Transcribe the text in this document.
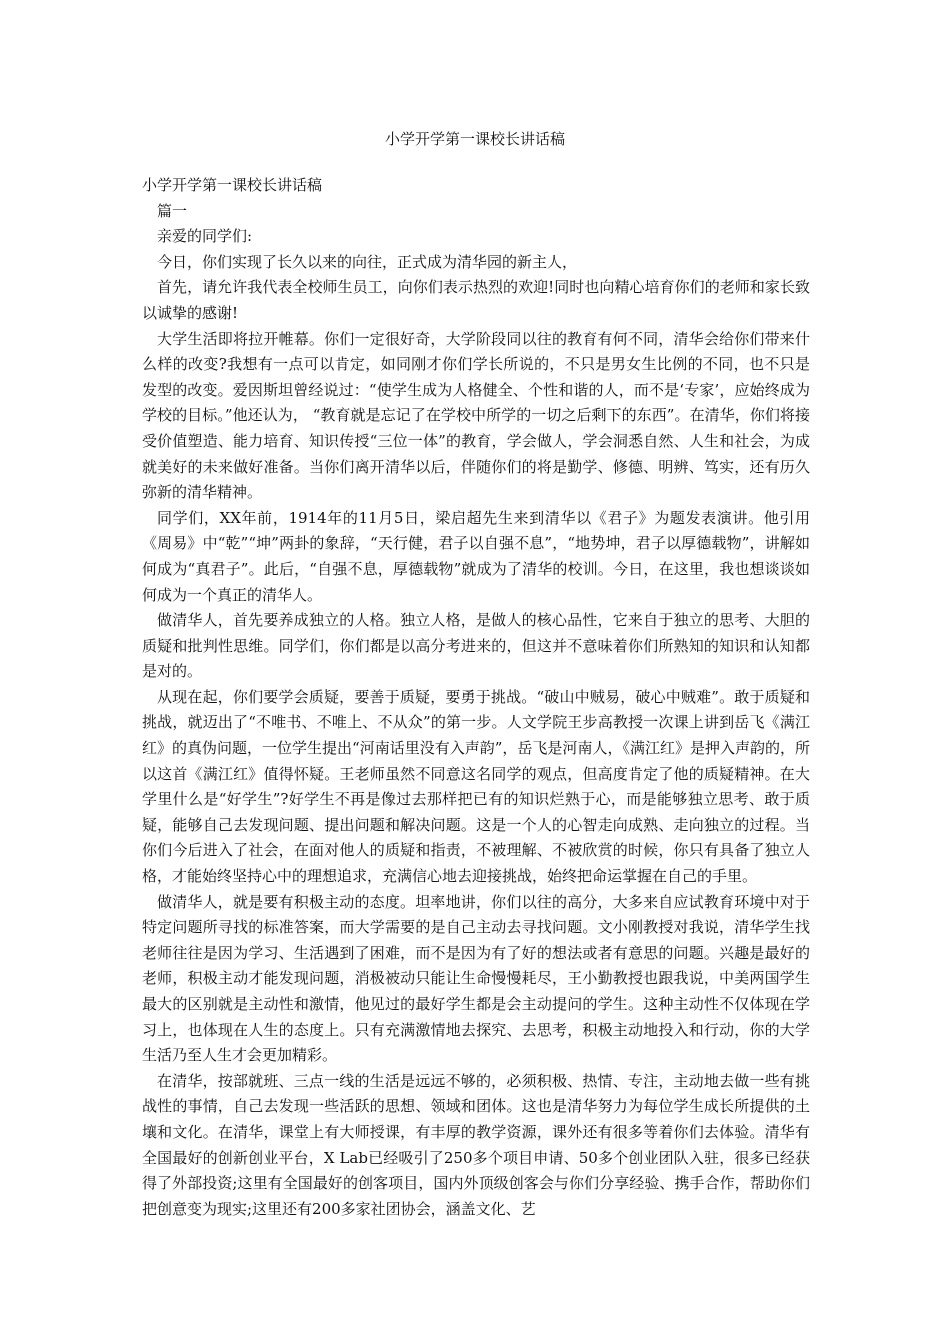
小学开学第一课校长讲话稿

小学开学第一课校长讲话稿

篇一

亲爱的同学们:

今日，你们实现了长久以来的向往，正式成为清华园的新主人，

首先，请允许我代表全校师生员工，向你们表示热烈的欢迎!同时也向精心培育你们的老师和家长致以诚挚的感谢!

大学生活即将拉开帷幕。你们一定很好奇，大学阶段同以往的教育有何不同，清华会给你们带来什么样的改变?我想有一点可以肯定，如同刚才你们学长所说的，不只是男女生比例的不同，也不只是发型的改变。爱因斯坦曾经说过：“使学生成为人格健全、个性和谐的人，而不是‘专家’，应始终成为学校的目标。”他还认为， “教育就是忘记了在学校中所学的一切之后剩下的东西”。在清华，你们将接受价值塑造、能力培育、知识传授“三位一体”的教育，学会做人，学会洞悉自然、人生和社会，为成就美好的未来做好准备。当你们离开清华以后，伴随你们的将是勤学、修德、明辨、笃实，还有历久弥新的清华精神。

同学们，XX年前，1914年的11月5日，梁启超先生来到清华以《君子》为题发表演讲。他引用《周易》中“乾”“坤”两卦的象辞，“天行健，君子以自强不息”，“地势坤，君子以厚德载物”，讲解如何成为“真君子”。此后，“自强不息，厚德载物”就成为了清华的校训。今日，在这里，我也想谈谈如何成为一个真正的清华人。

做清华人，首先要养成独立的人格。独立人格，是做人的核心品性，它来自于独立的思考、大胆的质疑和批判性思维。同学们，你们都是以高分考进来的，但这并不意味着你们所熟知的知识和认知都是对的。

从现在起，你们要学会质疑，要善于质疑，要勇于挑战。“破山中贼易，破心中贼难”。敢于质疑和挑战，就迈出了“不唯书、不唯上、不从众”的第一步。人文学院王步高教授一次课上讲到岳飞《满江红》的真伪问题，一位学生提出“河南话里没有入声韵”，岳飞是河南人，《满江红》是押入声韵的，所以这首《满江红》值得怀疑。王老师虽然不同意这名同学的观点，但高度肯定了他的质疑精神。在大学里什么是“好学生”?好学生不再是像过去那样把已有的知识烂熟于心，而是能够独立思考、敢于质疑，能够自己去发现问题、提出问题和解决问题。这是一个人的心智走向成熟、走向独立的过程。当你们今后进入了社会，在面对他人的质疑和指责，不被理解、不被欣赏的时候，你只有具备了独立人格，才能始终坚持心中的理想追求，充满信心地去迎接挑战，始终把命运掌握在自己的手里。

做清华人，就是要有积极主动的态度。坦率地讲，你们以往的高分，大多来自应试教育环境中对于特定问题所寻找的标准答案，而大学需要的是自己主动去寻找问题。文小刚教授对我说，清华学生找老师往往是因为学习、生活遇到了困难，而不是因为有了好的想法或者有意思的问题。兴趣是最好的老师，积极主动才能发现问题，消极被动只能让生命慢慢耗尽，王小勤教授也跟我说，中美两国学生最大的区别就是主动性和激情，他见过的最好学生都是会主动提问的学生。这种主动性不仅体现在学习上，也体现在人生的态度上。只有充满激情地去探究、去思考，积极主动地投入和行动，你的大学生活乃至人生才会更加精彩。

在清华，按部就班、三点一线的生活是远远不够的，必须积极、热情、专注，主动地去做一些有挑战性的事情，自己去发现一些活跃的思想、领域和团体。这也是清华努力为每位学生成长所提供的土壤和文化。在清华，课堂上有大师授课，有丰厚的教学资源，课外还有很多等着你们去体验。清华有全国最好的创新创业平台，X Lab已经吸引了250多个项目申请、50多个创业团队入驻，很多已经获得了外部投资;这里有全国最好的创客项目，国内外顶级创客会与你们分享经验、携手合作，帮助你们把创意变为现实;这里还有200多家社团协会，涵盖文化、艺
